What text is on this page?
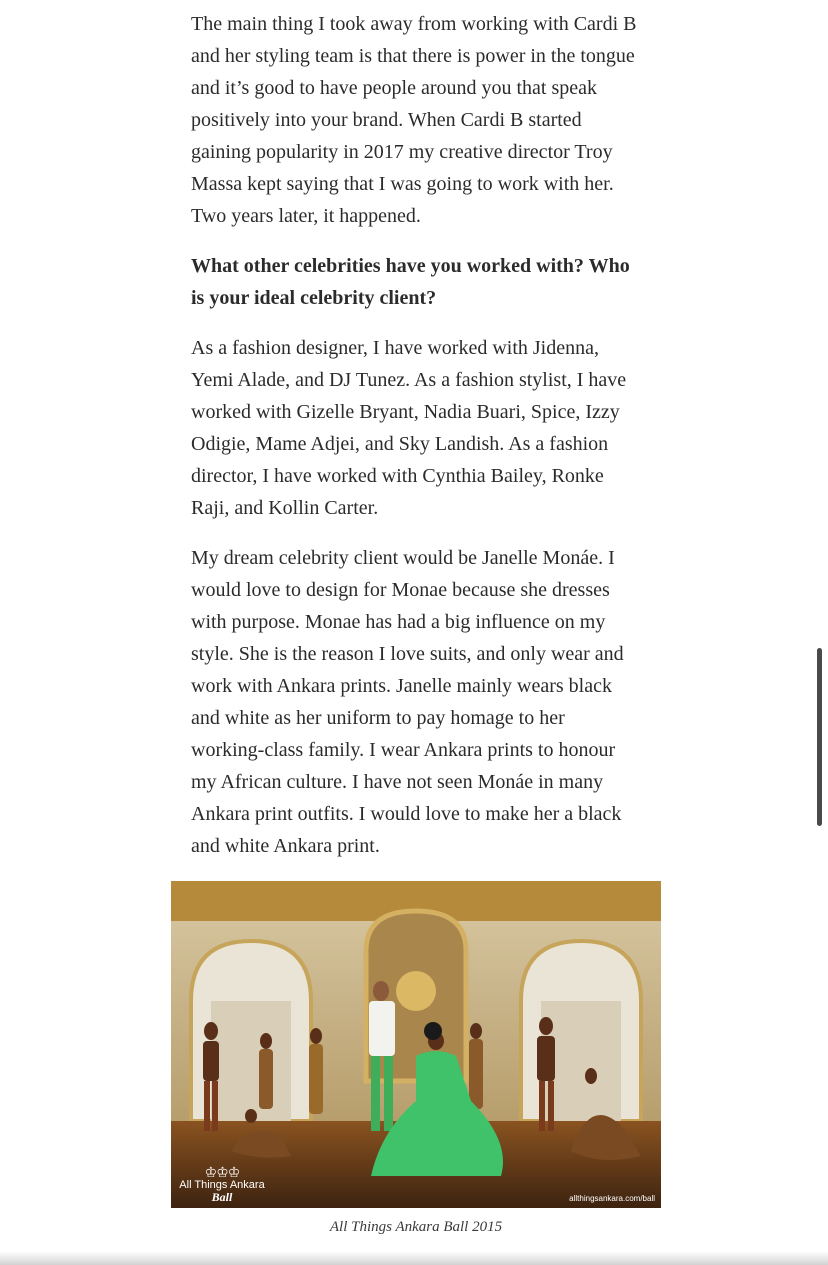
The main thing I took away from working with Cardi B and her styling team is that there is power in the tongue and it’s good to have people around you that speak positively into your brand. When Cardi B started gaining popularity in 2017 my creative director Troy Massa kept saying that I was going to work with her. Two years later, it happened.

What other celebrities have you worked with? Who is your ideal celebrity client?

As a fashion designer, I have worked with Jidenna, Yemi Alade, and DJ Tunez. As a fashion stylist, I have worked with Gizelle Bryant, Nadia Buari, Spice, Izzy Odigie, Mame Adjei, and Sky Landish. As a fashion director, I have worked with Cynthia Bailey, Ronke Raji, and Kollin Carter.

My dream celebrity client would be Janelle Monáe. I would love to design for Monae because she dresses with purpose. Monae has had a big influence on my style. She is the reason I love suits, and only wear and work with Ankara prints. Janelle mainly wears black and white as her uniform to pay homage to her working-class family. I wear Ankara prints to honour my African culture. I have not seen Monáe in many Ankara print outfits. I would love to make her a black and white Ankara print.

♔♔♔
All Things Ankara
Ball	allthingsankara.com/ball
All Things Ankara Ball 2015
